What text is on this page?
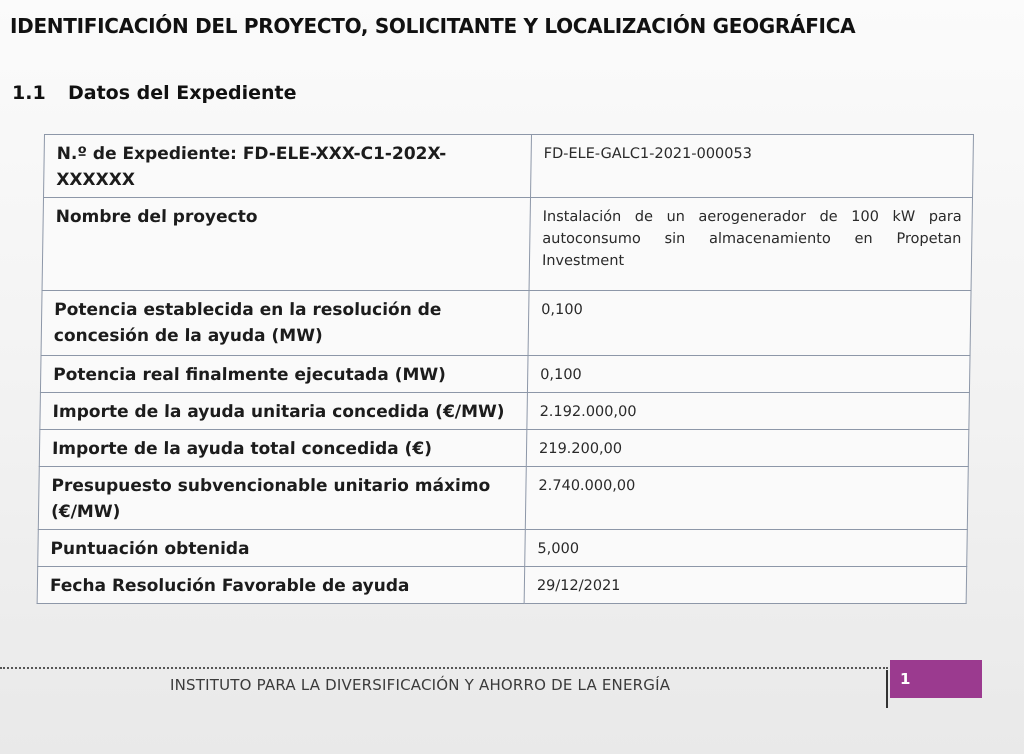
IDENTIFICACIÓN DEL PROYECTO, SOLICITANTE Y LOCALIZACIÓN GEOGRÁFICA
1.1 Datos del Expediente
N.º de Expediente: FD-ELE-XXX-C1-202X-XXXXXX	FD-ELE-GALC1-2021-000053
Nombre del proyecto	Instalación de un aerogenerador de 100 kW para autoconsumo sin almacenamiento en Propetan Investment
Potencia establecida en la resolución de concesión de la ayuda (MW)	0,100
Potencia real finalmente ejecutada (MW)	0,100
Importe de la ayuda unitaria concedida (€/MW)	2.192.000,00
Importe de la ayuda total concedida (€)	219.200,00
Presupuesto subvencionable unitario máximo (€/MW)	2.740.000,00
Puntuación obtenida	5,000
Fecha Resolución Favorable de ayuda	29/12/2021
INSTITUTO PARA LA DIVERSIFICACIÓN Y AHORRO DE LA ENERGÍA	1
